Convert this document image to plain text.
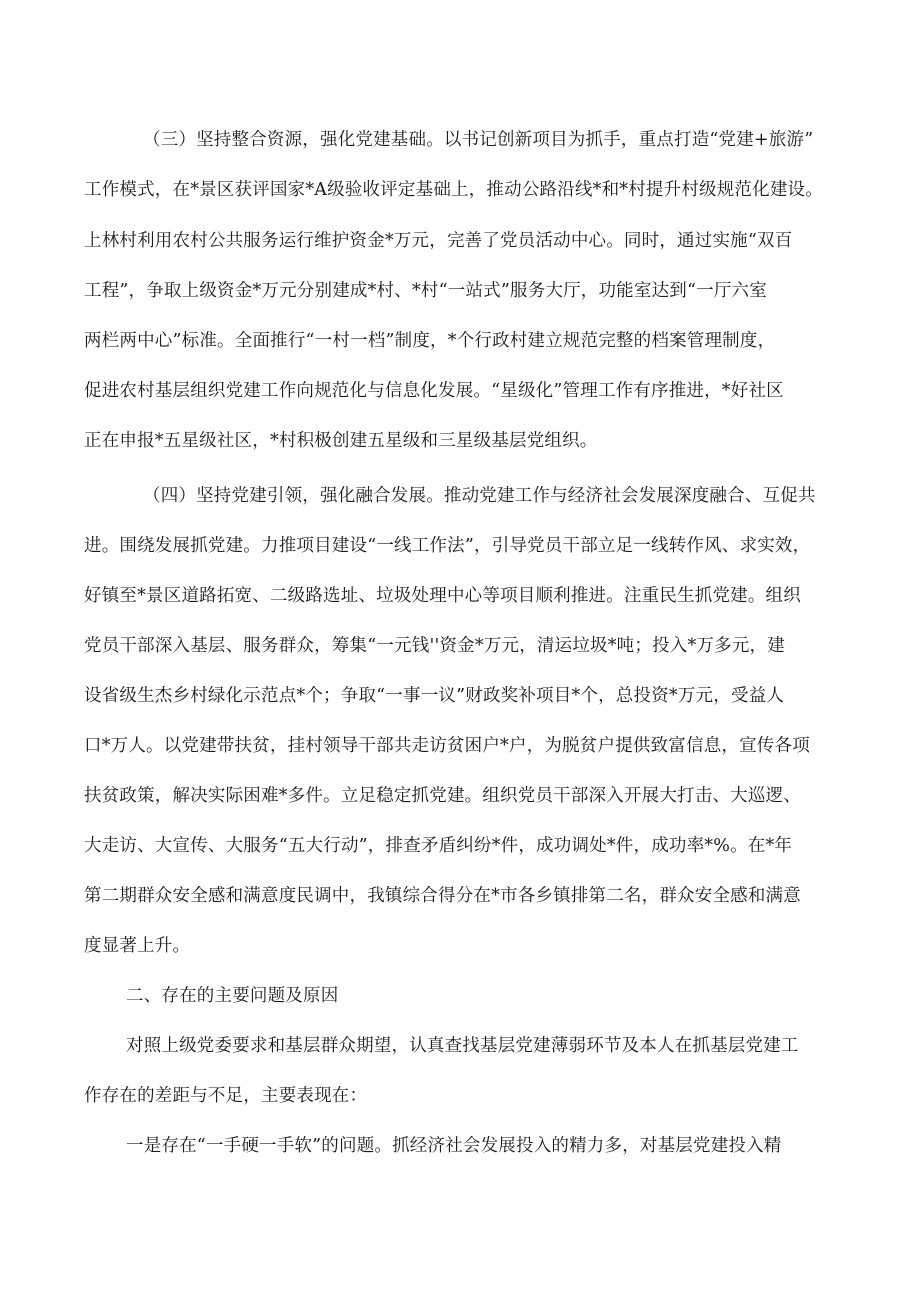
（三）坚持整合资源，强化党建基础。以书记创新项目为抓手，重点打造“党建+旅游”
工作模式，在*景区获评国家*A级验收评定基础上，推动公路沿线*和*村提升村级规范化建设。
上林村利用农村公共服务运行维护资金*万元，完善了党员活动中心。同时，通过实施“双百
工程”，争取上级资金*万元分别建成*村、*村“一站式”服务大厅，功能室达到“一厅六室
两栏两中心”标准。全面推行“一村一档”制度，*个行政村建立规范完整的档案管理制度，
促进农村基层组织党建工作向规范化与信息化发展。“星级化”管理工作有序推进，*好社区
正在申报*五星级社区，*村积极创建五星级和三星级基层党组织。
（四）坚持党建引领，强化融合发展。推动党建工作与经济社会发展深度融合、互促共
进。围绕发展抓党建。力推项目建设“一线工作法”，引导党员干部立足一线转作风、求实效，
好镇至*景区道路拓宽、二级路选址、垃圾处理中心等项目顺利推进。注重民生抓党建。组织
党员干部深入基层、服务群众，筹集“一元钱''资金*万元，清运垃圾*吨；投入*万多元，建
设省级生杰乡村绿化示范点*个；争取“一事一议”财政奖补项目*个，总投资*万元，受益人
口*万人。以党建带扶贫，挂村领导干部共走访贫困户*户，为脱贫户提供致富信息，宣传各项
扶贫政策，解决实际困难*多件。立足稳定抓党建。组织党员干部深入开展大打击、大巡逻、
大走访、大宣传、大服务“五大行动”，排查矛盾纠纷*件，成功调处*件，成功率*%。在*年
第二期群众安全感和满意度民调中，我镇综合得分在*市各乡镇排第二名，群众安全感和满意
度显著上升。
二、存在的主要问题及原因
对照上级党委要求和基层群众期望，认真查找基层党建薄弱环节及本人在抓基层党建工
作存在的差距与不足，主要表现在：
一是存在“一手硬一手软”的问题。抓经济社会发展投入的精力多，对基层党建投入精
